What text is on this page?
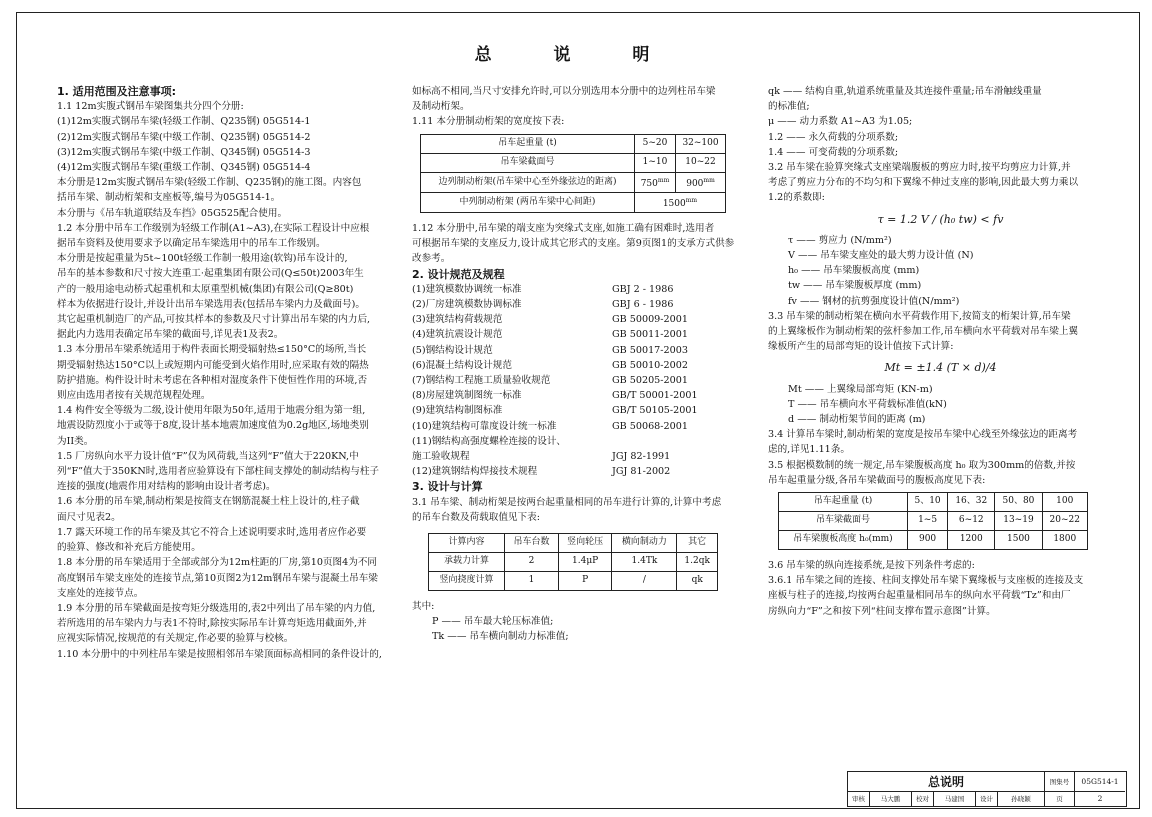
总 说 明

1. 适用范围及注意事项:

1.1 12m实腹式钢吊车梁图集共分四个分册:

(1)12m实腹式钢吊车梁(轻级工作制、Q235钢) 05G514-1

(2)12m实腹式钢吊车梁(中级工作制、Q235钢) 05G514-2

(3)12m实腹式钢吊车梁(中级工作制、Q345钢) 05G514-3

(4)12m实腹式钢吊车梁(重级工作制、Q345钢) 05G514-4

本分册是12m实腹式钢吊车梁(轻级工作制、Q235钢)的施工图。内容包

括吊车梁、制动桁架和支座板等,编号为05G514-1。

本分册与《吊车轨道联结及车挡》05G525配合使用。

1.2 本分册中吊车工作级别为轻级工作制(A1~A3),在实际工程设计中应根

据吊车资料及使用要求予以确定吊车梁选用中的吊车工作级别。

本分册是按起重量为5t~100t轻级工作制一般用途(软钩)吊车设计的,

吊车的基本参数和尺寸按大连重工·起重集团有限公司(Q≤50t)2003年生

产的一般用途电动桥式起重机和太原重型机械(集团)有限公司(Q≥80t)

样本为依据进行设计,并设计出吊车梁选用表(包括吊车梁内力及截面号)。

其它起重机制造厂的产品,可按其样本的参数及尺寸计算出吊车梁的内力后,

据此内力选用表确定吊车梁的截面号,详见表1及表2。

1.3 本分册吊车梁系统适用于构件表面长期受辐射热≤150°C的场所,当长

期受辐射热达150°C以上或短期内可能受到火焰作用时,应采取有效的隔热

防护措施。构件设计时未考虑在各种相对湿度条件下使恒性作用的环境,否

则应由选用者按有关规范规程处理。

1.4 构件安全等级为二级,设计使用年限为50年,适用于地震分组为第一组,

地震设防烈度小于或等于8度,设计基本地震加速度值为0.2g地区,场地类别

为II类。

1.5 厂房纵向水平力设计值“F”仅为风荷载,当这列“F”值大于220KN,中

列“F”值大于350KN时,选用者应验算设有下部柱间支撑处的制动结构与柱子

连接的强度(地震作用对结构的影响由设计者考虑)。

1.6 本分册的吊车梁,制动桁架是按简支在钢筋混凝土柱上设计的,柱子截

面尺寸见表2。

1.7 露天环境工作的吊车梁及其它不符合上述说明要求时,选用者应作必要

的验算、修改和补充后方能使用。

1.8 本分册的吊车梁适用于全部或部分为12m柱距的厂房,第10页图4为不同

高度钢吊车梁支座处的连接节点,第10页图2为12m钢吊车梁与混凝土吊车梁

支座处的连接节点。

1.9 本分册的吊车梁截面是按弯矩分级选用的,表2中列出了吊车梁的内力值,

若所选用的吊车梁内力与表1不符时,除按实际吊车计算弯矩选用截面外,并

应视实际情况,按规范的有关规定,作必要的验算与校核。

1.10 本分册中的中列柱吊车梁是按照相邻吊车梁顶面标高相同的条件设计的,

如标高不相同,当尺寸安排允许时,可以分别选用本分册中的边列柱吊车梁

及制动桁架。

1.11 本分册制动桁架的宽度按下表:

吊车起重量 (t)	5~20	32~100
吊车梁截面号	1~10	10~22
边列制动桁架(吊车梁中心至外缘弦边的距离)	$750^{mm}$	$900^{mm}$
中列制动桁架 (两吊车梁中心间距)	$1500^{mm}$

1.12 本分册中,吊车梁的端支座为突缘式支座,如施工确有困难时,选用者

可根据吊车梁的支座反力,设计成其它形式的支座。第9页图1的支承方式供参

改参考。

2. 设计规范及规程

(1)建筑模数协调统一标准	GBJ 2 - 1986
(2)厂房建筑模数协调标准	GBJ 6 - 1986
(3)建筑结构荷载规范	GB 50009-2001
(4)建筑抗震设计规范	GB 50011-2001
(5)钢结构设计规范	GB 50017-2003
(6)混凝土结构设计规范	GB 50010-2002
(7)钢结构工程施工质量验收规范	GB 50205-2001
(8)房屋建筑制图统一标准	GB/T 50001-2001
(9)建筑结构制图标准	GB/T 50105-2001
(10)建筑结构可靠度设计统一标准	GB 50068-2001
(11)钢结构高强度螺栓连接的设计、
施工验收规程	JGJ 82-1991
(12)建筑钢结构焊接技术规程	JGJ 81-2002

3. 设计与计算

3.1 吊车梁、制动桁架是按两台起重量相同的吊车进行计算的,计算中考虑

的吊车台数及荷载取值见下表:

计算内容	吊车台数	竖向轮压	横向制动力	其它
承载力计算	2	1.4μP	1.4Tk	1.2qk
竖向挠度计算	1	P	/	qk

其中:

P —— 吊车最大轮压标准值;

Tk —— 吊车横向制动力标准值;

qk —— 结构自重,轨道系统重量及其连接件重量;吊车滑触线重量

的标准值;

μ —— 动力系数 A1~A3 为1.05;

1.2 —— 永久荷载的分项系数;

1.4 —— 可变荷载的分项系数;

3.2 吊车梁在验算突缘式支座梁端腹板的剪应力时,按平均剪应力计算,并

考虑了剪应力分布的不均匀和下翼缘不伸过支座的影响,因此最大剪力乘以

1.2的系数即:

τ = 1.2 V / (h₀ tw) < fv

τ —— 剪应力 (N/mm²)

V —— 吊车梁支座处的最大剪力设计值 (N)

h₀ —— 吊车梁腹板高度 (mm)

tw —— 吊车梁腹板厚度 (mm)

fv —— 钢材的抗剪强度设计值(N/mm²)

3.3 吊车梁的制动桁架在横向水平荷载作用下,按简支的桁架计算,吊车梁

的上翼缘板作为制动桁架的弦杆参加工作,吊车横向水平荷载对吊车梁上翼

缘板所产生的局部弯矩的设计值按下式计算:

Mt = ±1.4 (T × d)/4

Mt —— 上翼缘局部弯矩 (KN-m)

T —— 吊车横向水平荷载标准值(kN)

d —— 制动桁架节间的距离 (m)

3.4 计算吊车梁时,制动桁架的宽度是按吊车梁中心线至外缘弦边的距离考

虑的,详见1.11条。

3.5 根据模数制的统一规定,吊车梁腹板高度 h₀ 取为300mm的倍数,并按

吊车起重量分级,各吊车梁截面号的腹板高度见下表:

吊车起重量 (t)	5、10	16、32	50、80	100
吊车梁截面号	1~5	6~12	13~19	20~22
吊车梁腹板高度 h₀(mm)	900	1200	1500	1800

3.6 吊车梁的纵向连接系统,是按下列条件考虑的:

3.6.1 吊车梁之间的连接、柱间支撑处吊车梁下翼缘板与支座板的连接及支

座板与柱子的连接,均按两台起重量相同吊车的纵向水平荷载“Tz”和由厂

房纵向力“F”之和按下列“柱间支撑布置示意图”计算。

总说明	图集号	05G514-1
审核	马大鹏	校对	马建国	设计	孙晓颖	页	2
